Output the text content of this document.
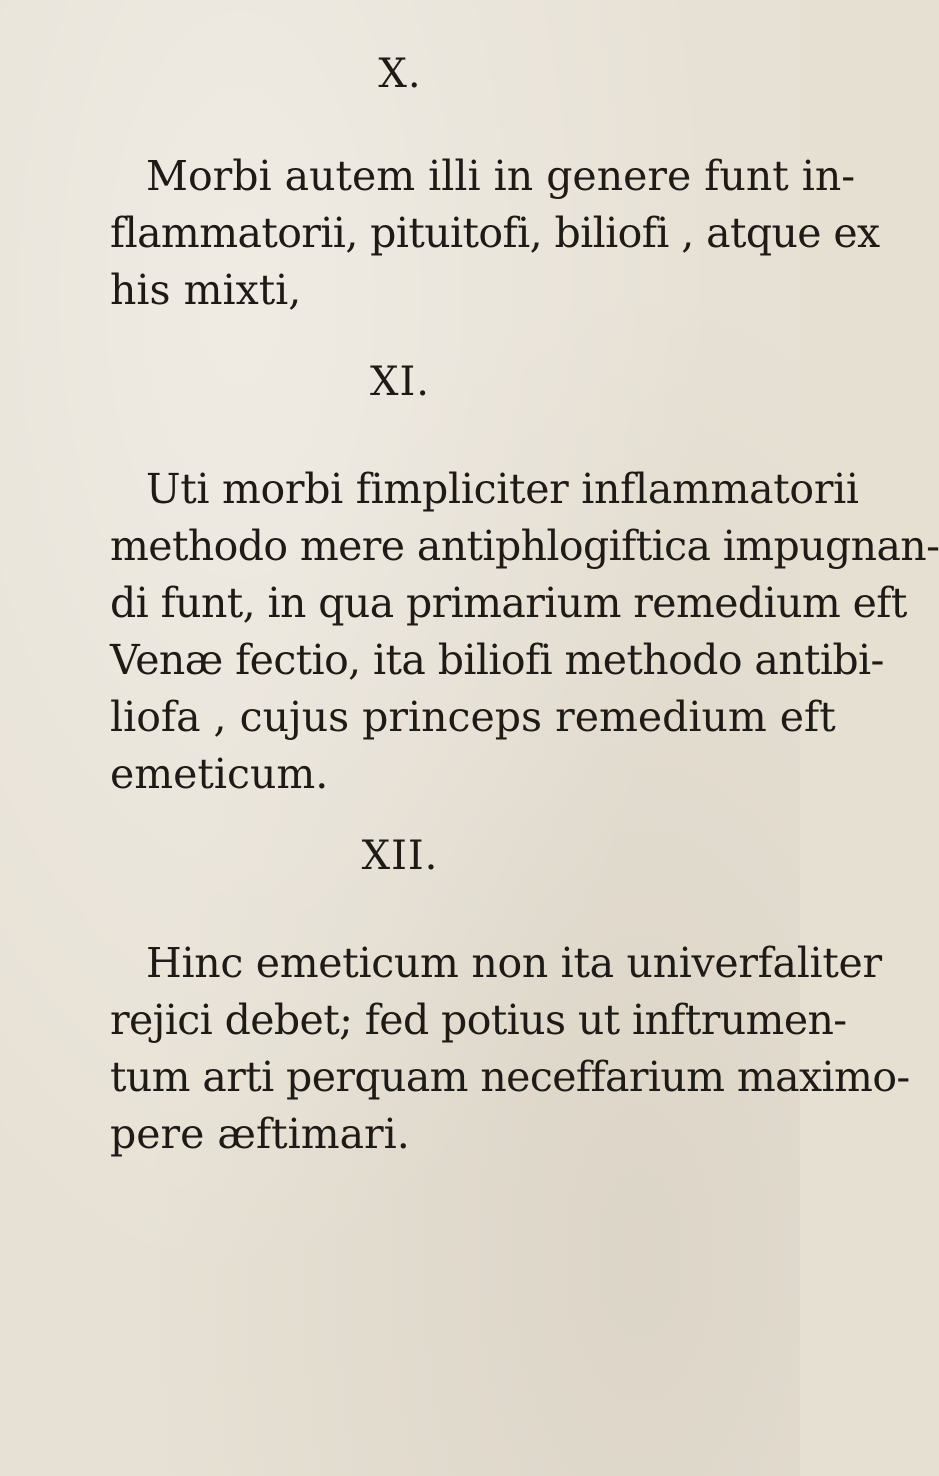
X.
Morbi autem illi in genere funt in-
flammatorii, pituitofi, biliofi , atque ex
his mixti,
XI.
Uti morbi fimpliciter inflammatorii
methodo mere antiphlogiftica impugnan-
di funt, in qua primarium remedium eft
Venæ fectio, ita biliofi methodo antibi-
liofa , cujus princeps remedium eft
emeticum.
XII.
Hinc emeticum non ita univerfaliter
rejici debet; fed potius ut inftrumen-
tum arti perquam neceffarium maximo-
pere æftimari.
